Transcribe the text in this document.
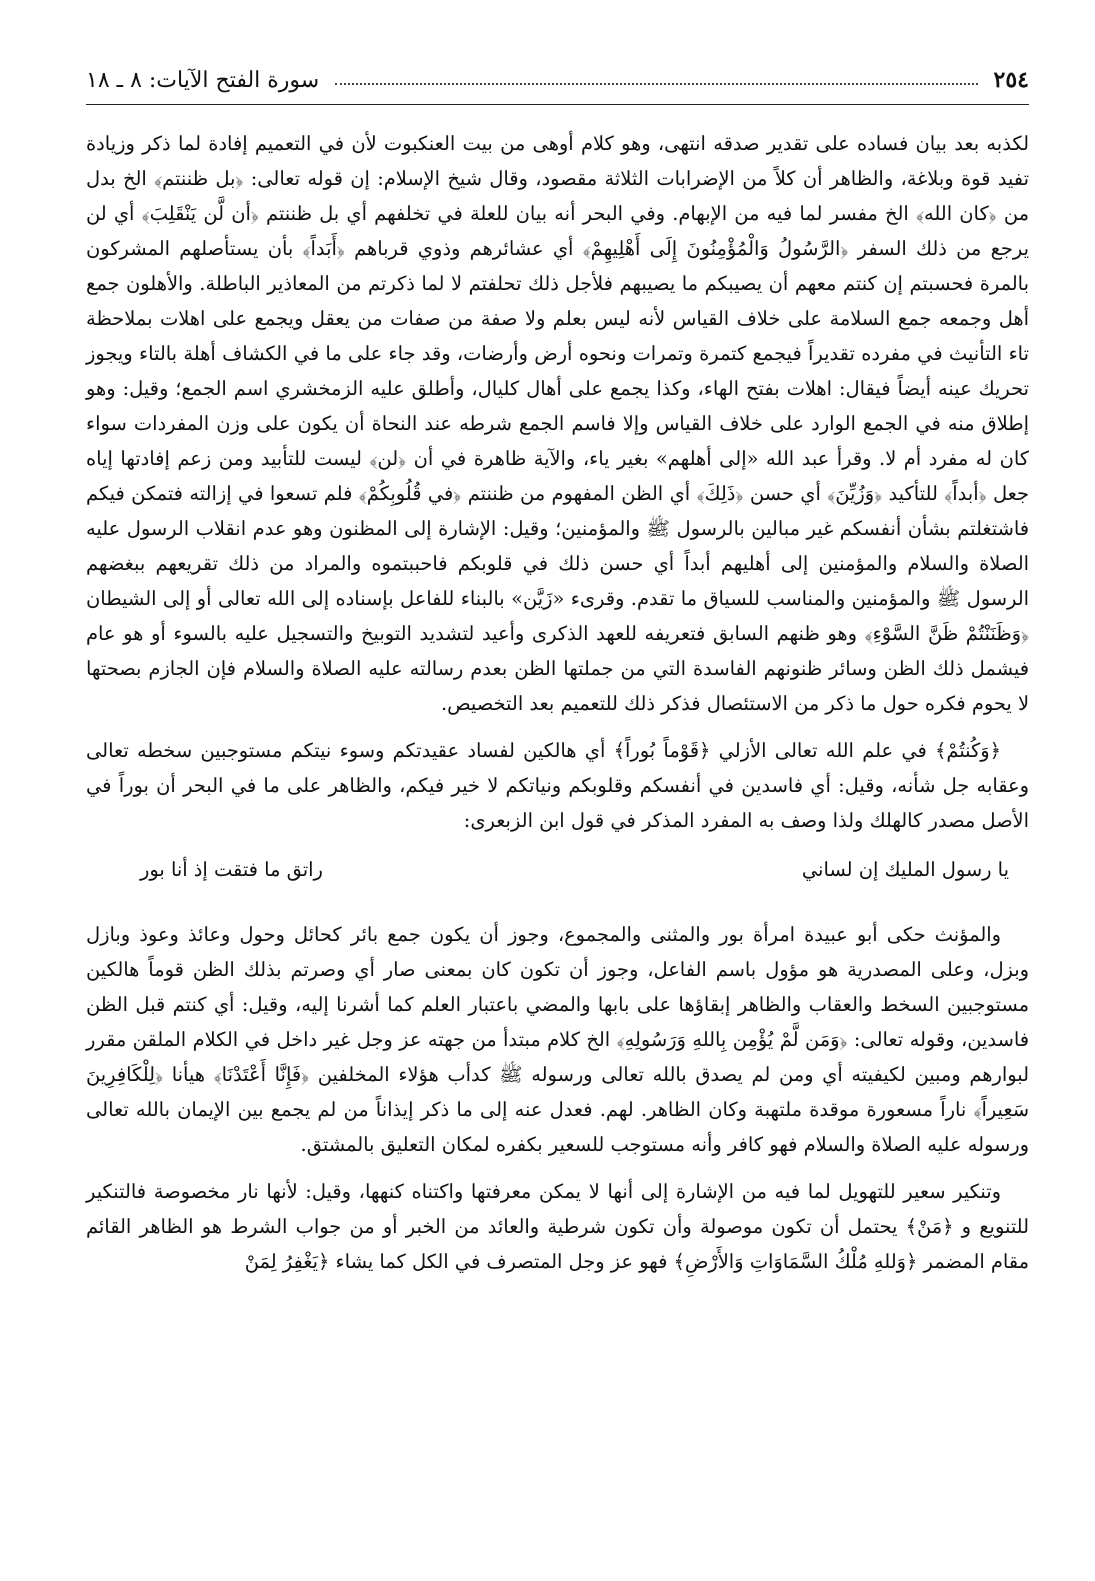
٢٥٤
سورة الفتح الآيات: ٨ ـ ١٨

لكذبه بعد بيان فساده على تقدير صدقه انتهى، وهو كلام أوهى من بيت العنكبوت لأن في التعميم إفادة لما ذكر وزيادة تفيد قوة وبلاغة، والظاهر أن كلاً من الإضرابات الثلاثة مقصود، وقال شيخ الإسلام: إن قوله تعالى: ﴿بل ظننتم﴾ الخ بدل من ﴿كان الله﴾ الخ مفسر لما فيه من الإبهام. وفي البحر أنه بيان للعلة في تخلفهم أي بل ظننتم ﴿أن لَّن يَنْقَلِبَ﴾ أي لن يرجع من ذلك السفر ﴿الرَّسُولُ وَالْمُؤْمِنُونَ إِلَى أَهْلِيهِمْ﴾ أي عشائرهم وذوي قرباهم ﴿أَبَداً﴾ بأن يستأصلهم المشركون بالمرة فحسبتم إن كنتم معهم أن يصيبكم ما يصيبهم فلأجل ذلك تحلفتم لا لما ذكرتم من المعاذير الباطلة. والأهلون جمع أهل وجمعه جمع السلامة على خلاف القياس لأنه ليس بعلم ولا صفة من صفات من يعقل ويجمع على اهلات بملاحظة تاء التأنيث في مفرده تقديراً فيجمع كتمرة وتمرات ونحوه أرض وأرضات، وقد جاء على ما في الكشاف أهلة بالتاء ويجوز تحريك عينه أيضاً فيقال: اهلات بفتح الهاء، وكذا يجمع على أهال كليال، وأطلق عليه الزمخشري اسم الجمع؛ وقيل: وهو إطلاق منه في الجمع الوارد على خلاف القياس وإلا فاسم الجمع شرطه عند النحاة أن يكون على وزن المفردات سواء كان له مفرد أم لا. وقرأ عبد الله «إلى أهلهم» بغير ياء، والآية ظاهرة في أن ﴿لن﴾ ليست للتأبيد ومن زعم إفادتها إياه جعل ﴿أبداً﴾ للتأكيد ﴿وَزُيِّنَ﴾ أي حسن ﴿ذَلِكَ﴾ أي الظن المفهوم من ظننتم ﴿في قُلُوبِكُمْ﴾ فلم تسعوا في إزالته فتمكن فيكم فاشتغلتم بشأن أنفسكم غير مبالين بالرسول ﷺ والمؤمنين؛ وقيل: الإشارة إلى المظنون وهو عدم انقلاب الرسول عليه الصلاة والسلام والمؤمنين إلى أهليهم أبداً أي حسن ذلك في قلوبكم فاحببتموه والمراد من ذلك تقريعهم ببغضهم الرسول ﷺ والمؤمنين والمناسب للسياق ما تقدم. وقرىء «زَيَّن» بالبناء للفاعل بإسناده إلى الله تعالى أو إلى الشيطان ﴿وَظَنَنْتُمْ ظَنَّ السَّوْءِ﴾ وهو ظنهم السابق فتعريفه للعهد الذكرى وأعيد لتشديد التوبيخ والتسجيل عليه بالسوء أو هو عام فيشمل ذلك الظن وسائر ظنونهم الفاسدة التي من جملتها الظن بعدم رسالته عليه الصلاة والسلام فإن الجازم بصحتها لا يحوم فكره حول ما ذكر من الاستئصال فذكر ذلك للتعميم بعد التخصيص.

﴿وَكُنتُمْ﴾ في علم الله تعالى الأزلي ﴿قَوْماً بُوراً﴾ أي هالكين لفساد عقيدتكم وسوء نيتكم مستوجبين سخطه تعالى وعقابه جل شأنه، وقيل: أي فاسدين في أنفسكم وقلوبكم ونياتكم لا خير فيكم، والظاهر على ما في البحر أن بوراً في الأصل مصدر كالهلك ولذا وصف به المفرد المذكر في قول ابن الزبعرى:

يا رسول المليك إن لساني
راتق ما فتقت إذ أنا بور

والمؤنث حكى أبو عبيدة امرأة بور والمثنى والمجموع، وجوز أن يكون جمع بائر كحائل وحول وعائذ وعوذ وبازل وبزل، وعلى المصدرية هو مؤول باسم الفاعل، وجوز أن تكون كان بمعنى صار أي وصرتم بذلك الظن قوماً هالكين مستوجبين السخط والعقاب والظاهر إبقاؤها على بابها والمضي باعتبار العلم كما أشرنا إليه، وقيل: أي كنتم قبل الظن فاسدين، وقوله تعالى: ﴿وَمَن لَّمْ يُؤْمِن بِاللهِ وَرَسُولِهِ﴾ الخ كلام مبتدأ من جهته عز وجل غير داخل في الكلام الملقن مقرر لبوارهم ومبين لكيفيته أي ومن لم يصدق بالله تعالى ورسوله ﷺ كدأب هؤلاء المخلفين ﴿فَإِنَّا أَعْتَدْنَا﴾ هيأنا ﴿لِلْكَافِرِينَ سَعِيراً﴾ ناراً مسعورة موقدة ملتهبة وكان الظاهر. لهم. فعدل عنه إلى ما ذكر إيذاناً من لم يجمع بين الإيمان بالله تعالى ورسوله عليه الصلاة والسلام فهو كافر وأنه مستوجب للسعير بكفره لمكان التعليق بالمشتق.

وتنكير سعير للتهويل لما فيه من الإشارة إلى أنها لا يمكن معرفتها واكتناه كنهها، وقيل: لأنها نار مخصوصة فالتنكير للتنويع و ﴿مَنْ﴾ يحتمل أن تكون موصولة وأن تكون شرطية والعائد من الخبر أو من جواب الشرط هو الظاهر القائم مقام المضمر ﴿وَللهِ مُلْكُ السَّمَاوَاتِ وَالأَرْضِ﴾ فهو عز وجل المتصرف في الكل كما يشاء ﴿يَغْفِرُ لِمَنْ
